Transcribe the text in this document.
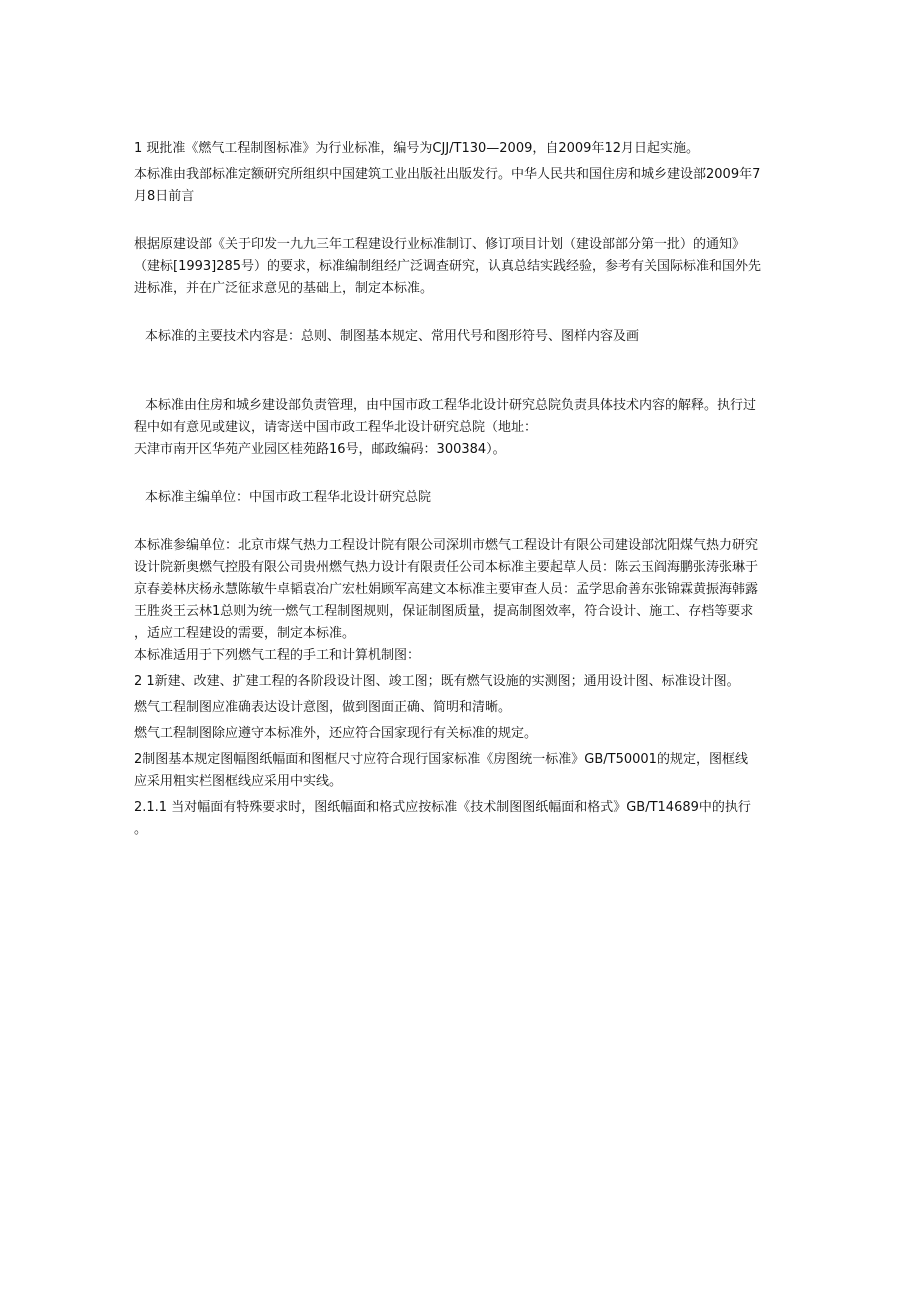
1 现批准《燃气工程制图标准》为行业标准，编号为CJJ/T130—2009，自2009年12月日起实施。
本标准由我部标准定额研究所组织中国建筑工业出版社出版发行。中华人民共和国住房和城乡建设部2009年7
月8日前言
根据原建设部《关于印发一九九三年工程建设行业标准制订、修订项目计划（建设部部分第一批）的通知》
（建标[1993]285号）的要求，标准编制组经广泛调查研究，认真总结实践经验，参考有关国际标准和国外先
进标准，并在广泛征求意见的基础上，制定本标准。
本标准的主要技术内容是：总则、制图基本规定、常用代号和图形符号、图样内容及画
本标准由住房和城乡建设部负责管理，由中国市政工程华北设计研究总院负责具体技术内容的解释。执行过
程中如有意见或建议，请寄送中国市政工程华北设计研究总院（地址：
天津市南开区华苑产业园区桂苑路16号，邮政编码：300384）。
本标准主编单位：中国市政工程华北设计研究总院
本标准参编单位：北京市煤气热力工程设计院有限公司深圳市燃气工程设计有限公司建设部沈阳煤气热力研究
设计院新奥燃气控股有限公司贵州燃气热力设计有限责任公司本标准主要起草人员：陈云玉阎海鹏张涛张琳于
京春姜林庆杨永慧陈敏牛卓韬袁冶广宏杜娟顾军高建文本标准主要审查人员：孟学思俞善东张锦霖黄振海韩露
王胜炎王云林1总则为统一燃气工程制图规则，保证制图质量，提高制图效率，符合设计、施工、存档等要求
，适应工程建设的需要，制定本标准。
本标准适用于下列燃气工程的手工和计算机制图：
2 1新建、改建、扩建工程的各阶段设计图、竣工图；既有燃气设施的实测图；通用设计图、标准设计图。
燃气工程制图应准确表达设计意图，做到图面正确、简明和清晰。
燃气工程制图除应遵守本标准外，还应符合国家现行有关标准的规定。
2制图基本规定图幅图纸幅面和图框尺寸应符合现行国家标准《房图统一标准》GB/T50001的规定，图框线
应采用粗实栏图框线应采用中实线。
2.1.1 当对幅面有特殊要求时，图纸幅面和格式应按标准《技术制图图纸幅面和格式》GB/T14689中的执行
。
